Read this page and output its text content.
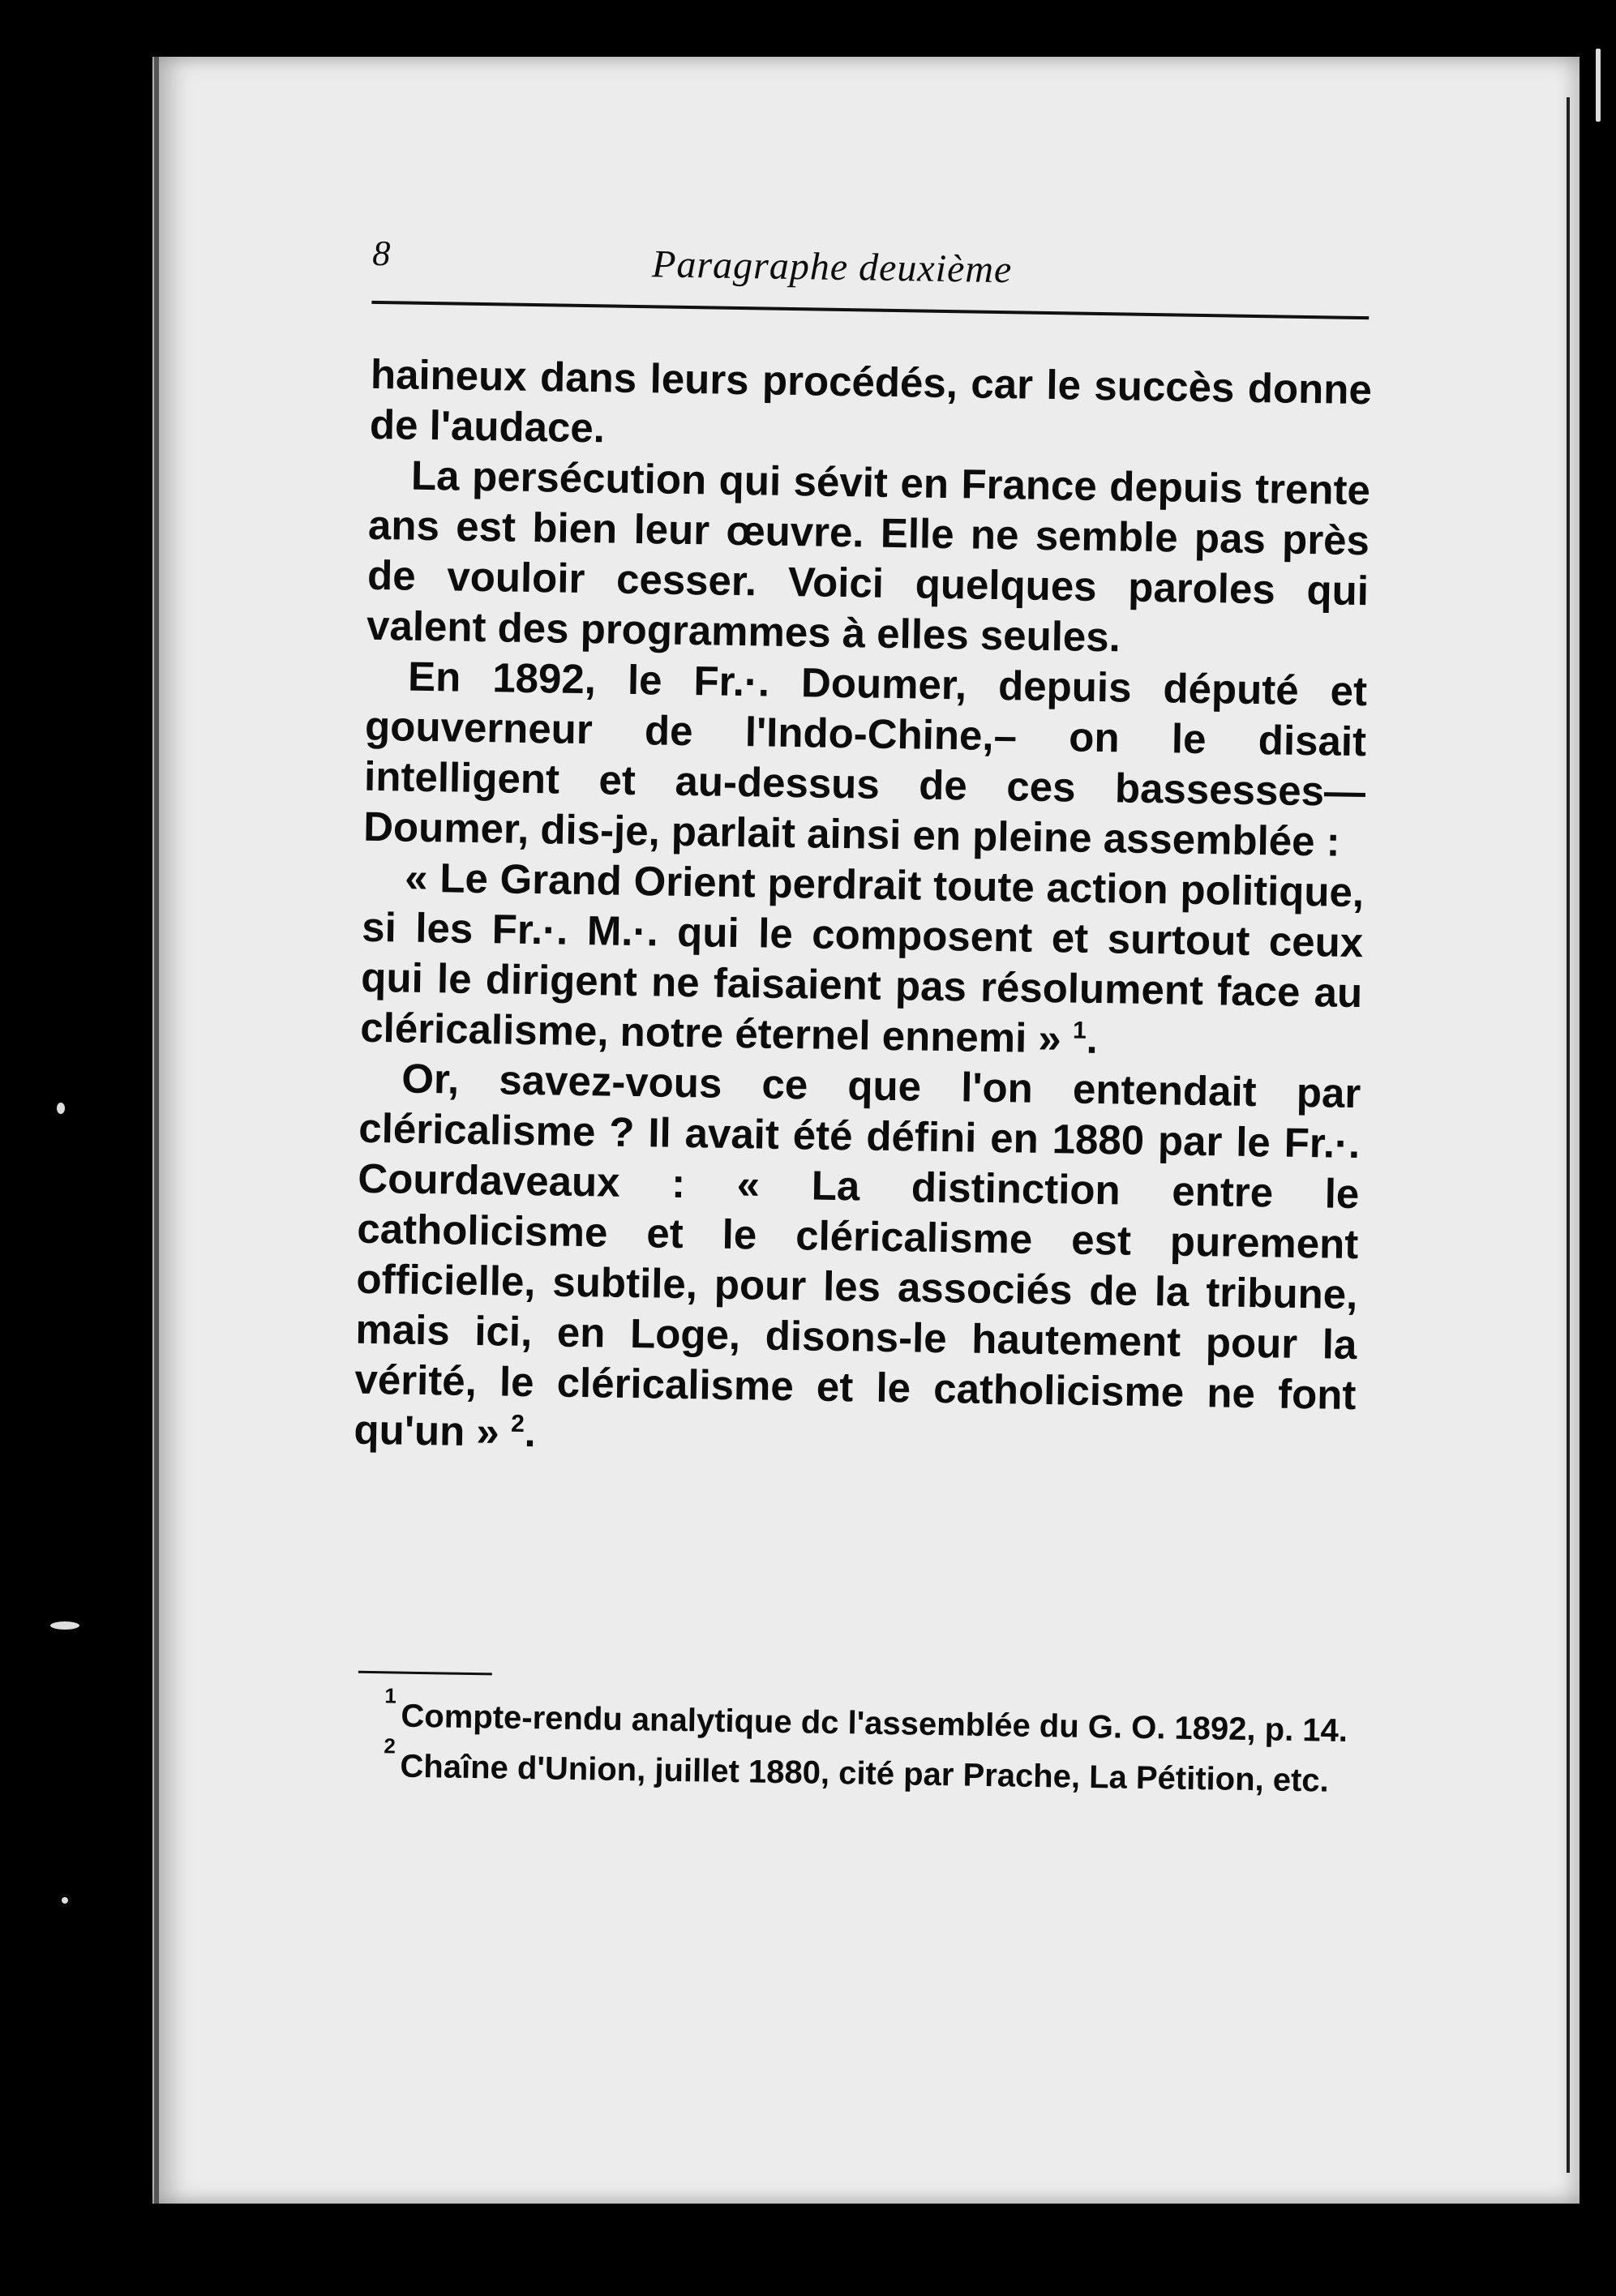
8	Paragraphe deuxième

haineux dans leurs procédés, car le succès donne de l'audace.

La persécution qui sévit en France depuis trente ans est bien leur œuvre. Elle ne semble pas près de vouloir cesser. Voici quelques paroles qui valent des programmes à elles seules.

En 1892, le Fr.·. Doumer, depuis député et gouverneur de l'Indo-Chine,– on le disait intelligent et au-dessus de ces bassesses—Doumer, dis-je, parlait ainsi en pleine assemblée :

« Le Grand Orient perdrait toute action politique, si les Fr.·. M.·. qui le composent et surtout ceux qui le dirigent ne faisaient pas résolument face au cléricalisme, notre éternel ennemi » $^1$.

Or, savez-vous ce que l'on entendait par cléricalisme ? Il avait été défini en 1880 par le Fr.·. Courdaveaux : « La distinction entre le catholicisme et le cléricalisme est purement officielle, subtile, pour les associés de la tribune, mais ici, en Loge, disons-le hautement pour la vérité, le cléricalisme et le catholicisme ne font qu'un » $^2$.

$^1$Compte-rendu analytique dc l'assemblée du G. O. 1892, p. 14.

$^2$Chaîne d'Union, juillet 1880, cité par Prache, La Pétition, etc.
